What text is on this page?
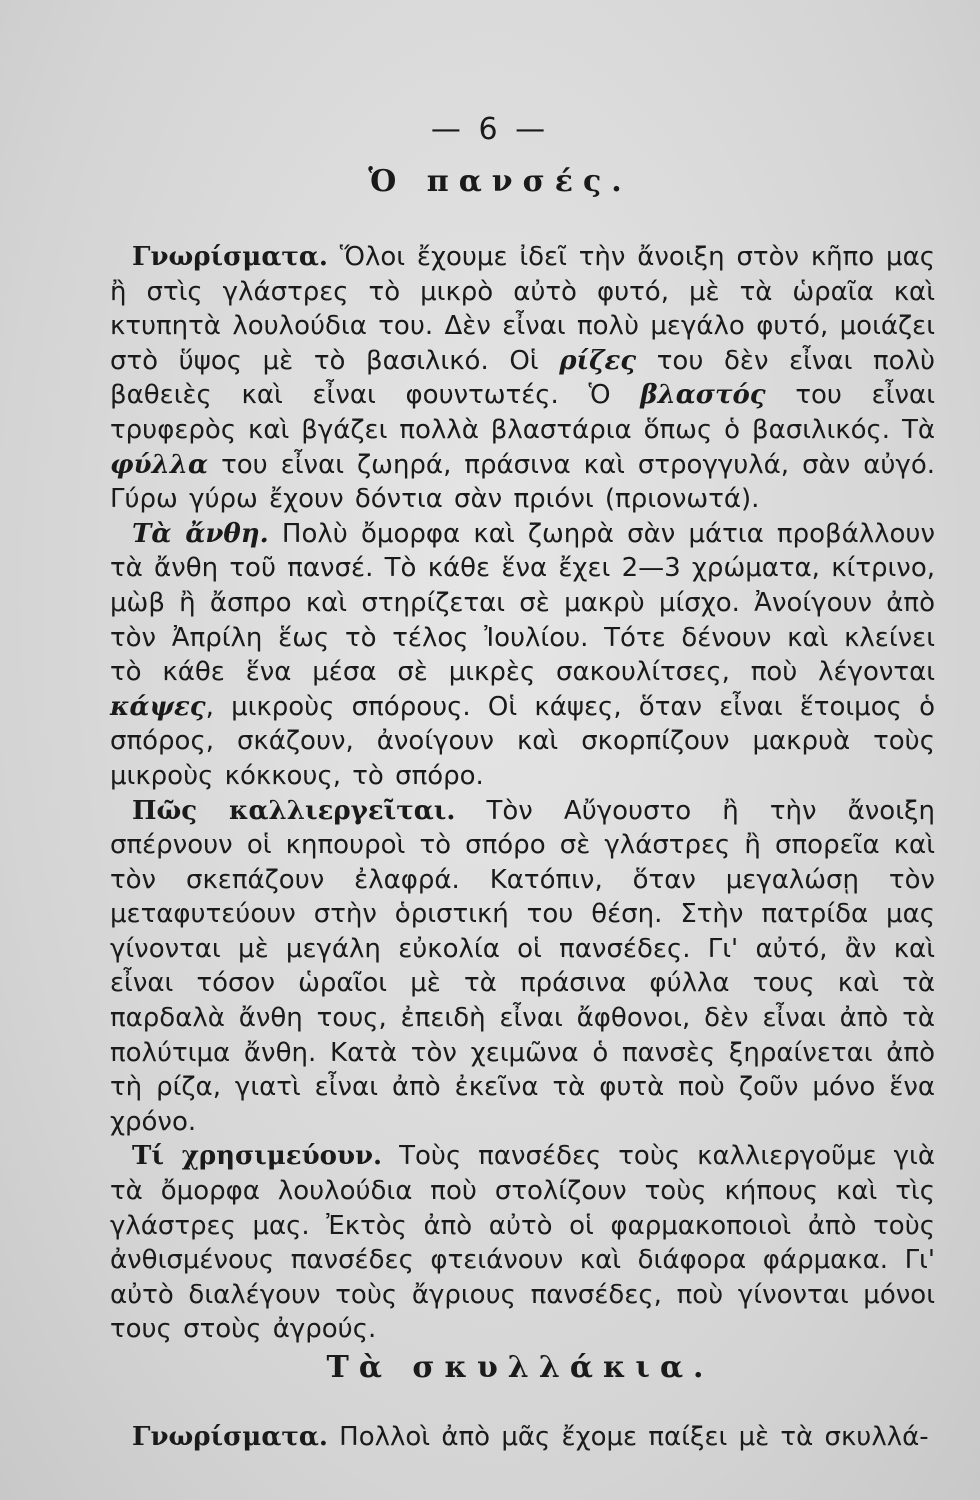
— 6 —
Ὁ πανσές.

Γνωρίσματα. Ὅλοι ἔχουμε ἰδεῖ τὴν ἄνοιξη στὸν κῆπο μας ἢ στὶς γλάστρες τὸ μικρὸ αὐτὸ φυτό, μὲ τὰ ὡραῖα καὶ κτυπητὰ λουλούδια του. Δὲν εἶναι πολὺ μεγάλο φυτό, μοιάζει στὸ ὕψος μὲ τὸ βασιλικό. Οἱ ρίζες του δὲν εἶναι πολὺ βαθειὲς καὶ εἶναι φουντωτές. Ὁ βλαστός του εἶναι τρυφερὸς καὶ βγάζει πολλὰ βλαστάρια ὅπως ὁ βασιλικός. Τὰ φύλλα του εἶναι ζωηρά, πράσινα καὶ στρογγυλά, σὰν αὐγό. Γύρω γύρω ἔχουν δόντια σὰν πριόνι (πριονωτά).

Τὰ ἄνθη. Πολὺ ὄμορφα καὶ ζωηρὰ σὰν μάτια προβάλλουν τὰ ἄνθη τοῦ πανσέ. Τὸ κάθε ἕνα ἔχει 2—3 χρώματα, κίτρινο, μὼβ ἢ ἄσπρο καὶ στηρίζεται σὲ μακρὺ μίσχο. Ἀνοίγουν ἀπὸ τὸν Ἀπρίλη ἕως τὸ τέλος Ἰουλίου. Τότε δένουν καὶ κλείνει τὸ κάθε ἕνα μέσα σὲ μικρὲς σακουλίτσες, ποὺ λέγονται κάψες, μικροὺς σπόρους. Οἱ κάψες, ὅταν εἶναι ἕτοιμος ὁ σπόρος, σκάζουν, ἀνοίγουν καὶ σκορπίζουν μακρυὰ τοὺς μικροὺς κόκκους, τὸ σπόρο.

Πῶς καλλιεργεῖται. Τὸν Αὔγουστο ἢ τὴν ἄνοιξη σπέρνουν οἱ κηπουροὶ τὸ σπόρο σὲ γλάστρες ἢ σπορεῖα καὶ τὸν σκεπάζουν ἐλαφρά. Κατόπιν, ὅταν μεγαλώσῃ τὸν μεταφυτεύουν στὴν ὁριστική του θέση. Στὴν πατρίδα μας γίνονται μὲ μεγάλη εὐκολία οἱ πανσέδες. Γι' αὐτό, ἂν καὶ εἶναι τόσον ὡραῖοι μὲ τὰ πράσινα φύλλα τους καὶ τὰ παρδαλὰ ἄνθη τους, ἐπειδὴ εἶναι ἄφθονοι, δὲν εἶναι ἀπὸ τὰ πολύτιμα ἄνθη. Κατὰ τὸν χειμῶνα ὁ πανσὲς ξηραίνεται ἀπὸ τὴ ρίζα, γιατὶ εἶναι ἀπὸ ἐκεῖνα τὰ φυτὰ ποὺ ζοῦν μόνο ἕνα χρόνο.

Τί χρησιμεύουν. Τοὺς πανσέδες τοὺς καλλιεργοῦμε γιὰ τὰ ὄμορφα λουλούδια ποὺ στολίζουν τοὺς κήπους καὶ τὶς γλάστρες μας. Ἐκτὸς ἀπὸ αὐτὸ οἱ φαρμακοποιοὶ ἀπὸ τοὺς ἀνθισμένους πανσέδες φτειάνουν καὶ διάφορα φάρμακα. Γι' αὐτὸ διαλέγουν τοὺς ἄγριους πανσέδες, ποὺ γίνονται μόνοι τους στοὺς ἀγρούς.

Τὰ σκυλλάκια.

Γνωρίσματα. Πολλοὶ ἀπὸ μᾶς ἔχομε παίξει μὲ τὰ σκυλλά-
